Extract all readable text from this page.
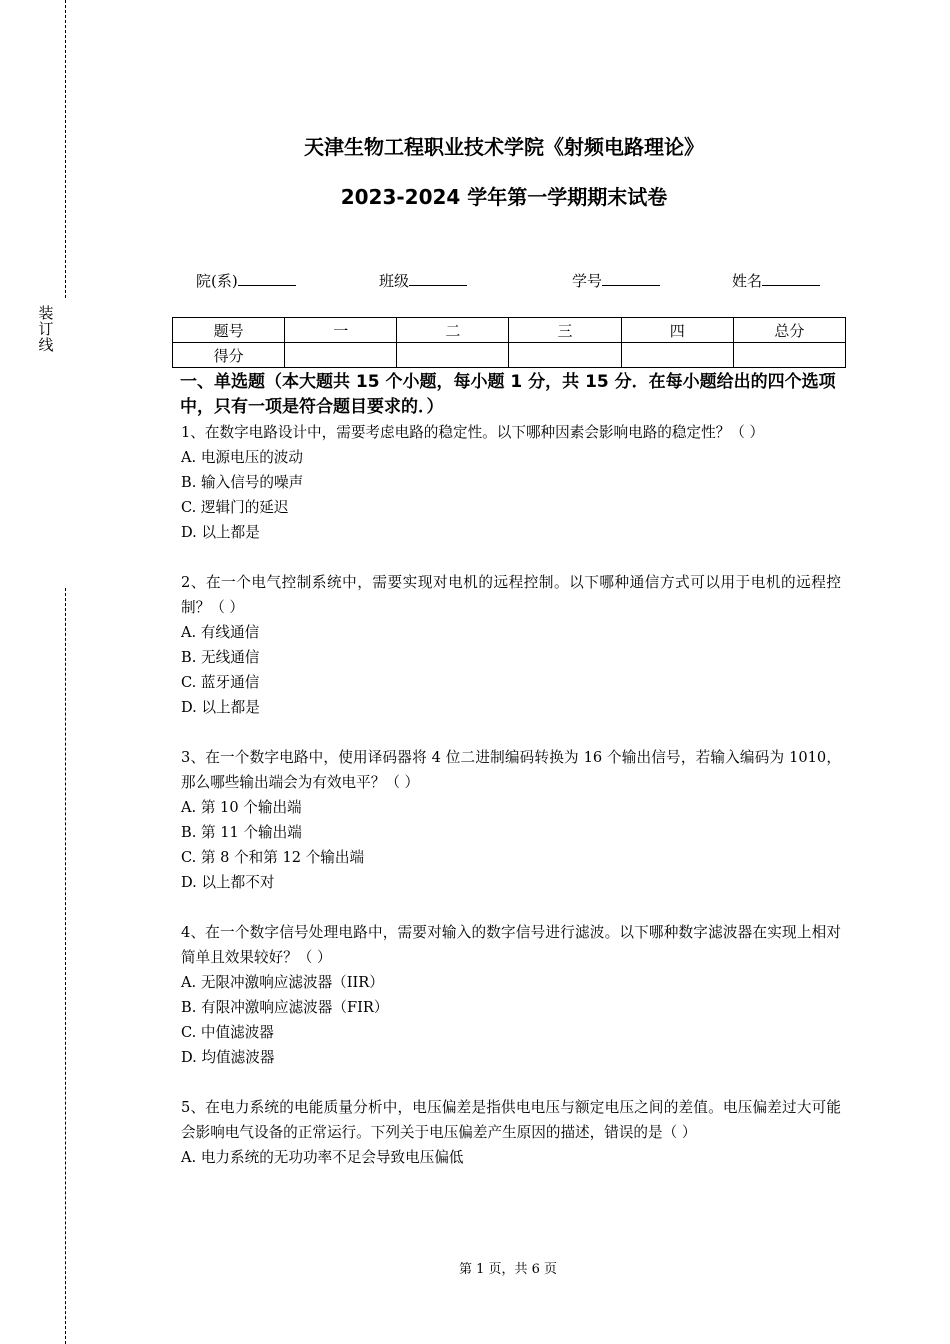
装
订
线
天津生物工程职业技术学院《射频电路理论》
2023-2024 学年第一学期期末试卷
院(系)	班级	学号	姓名
题号	一	二	三	四	总分
得分					
一、单选题（本大题共 15 个小题，每小题 1 分，共 15 分．在每小题给出的四个选项中，只有一项是符合题目要求的．）
1、在数字电路设计中，需要考虑电路的稳定性。以下哪种因素会影响电路的稳定性？（ ）
A. 电源电压的波动
B. 输入信号的噪声
C. 逻辑门的延迟
D. 以上都是
2、在一个电气控制系统中，需要实现对电机的远程控制。以下哪种通信方式可以用于电机的远程控制？（ ）
A. 有线通信
B. 无线通信
C. 蓝牙通信
D. 以上都是
3、在一个数字电路中，使用译码器将 4 位二进制编码转换为 16 个输出信号，若输入编码为 1010，那么哪些输出端会为有效电平？（ ）
A. 第 10 个输出端
B. 第 11 个输出端
C. 第 8 个和第 12 个输出端
D. 以上都不对
4、在一个数字信号处理电路中，需要对输入的数字信号进行滤波。以下哪种数字滤波器在实现上相对简单且效果较好？（ ）
A. 无限冲激响应滤波器（IIR）
B. 有限冲激响应滤波器（FIR）
C. 中值滤波器
D. 均值滤波器
5、在电力系统的电能质量分析中，电压偏差是指供电电压与额定电压之间的差值。电压偏差过大可能会影响电气设备的正常运行。下列关于电压偏差产生原因的描述，错误的是（ ）
A. 电力系统的无功功率不足会导致电压偏低
第 1 页，共 6 页
